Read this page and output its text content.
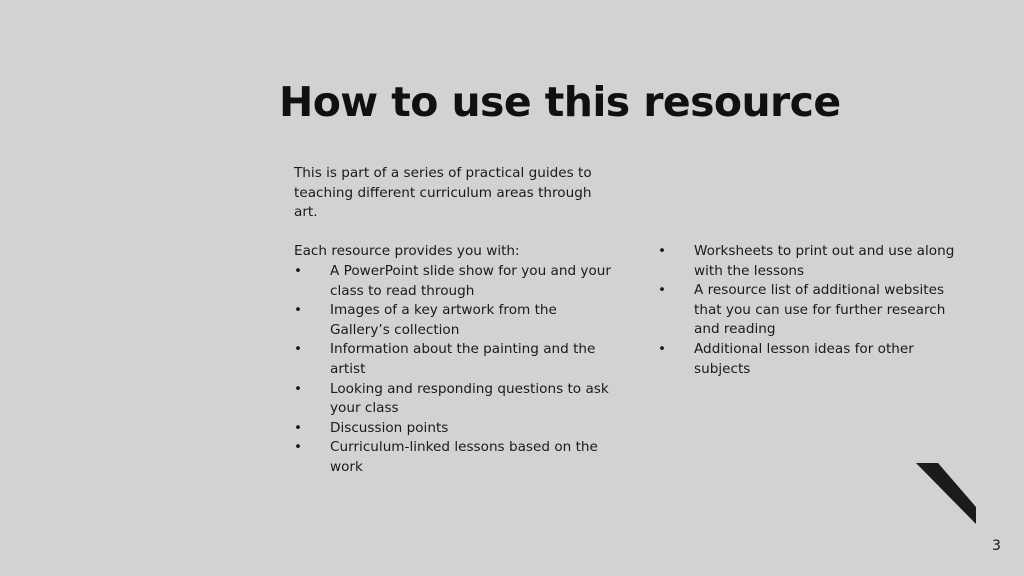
How to use this resource

This is part of a series of practical guides to teaching different curriculum areas through art.

Each resource provides you with:

• A PowerPoint slide show for you and your class to read through
• Images of a key artwork from the Gallery’s collection
• Information about the painting and the artist
• Looking and responding questions to ask your class
• Discussion points
• Curriculum-linked lessons based on the work
• Worksheets to print out and use along with the lessons
• A resource list of additional websites that you can use for further research and reading
• Additional lesson ideas for other subjects
3
